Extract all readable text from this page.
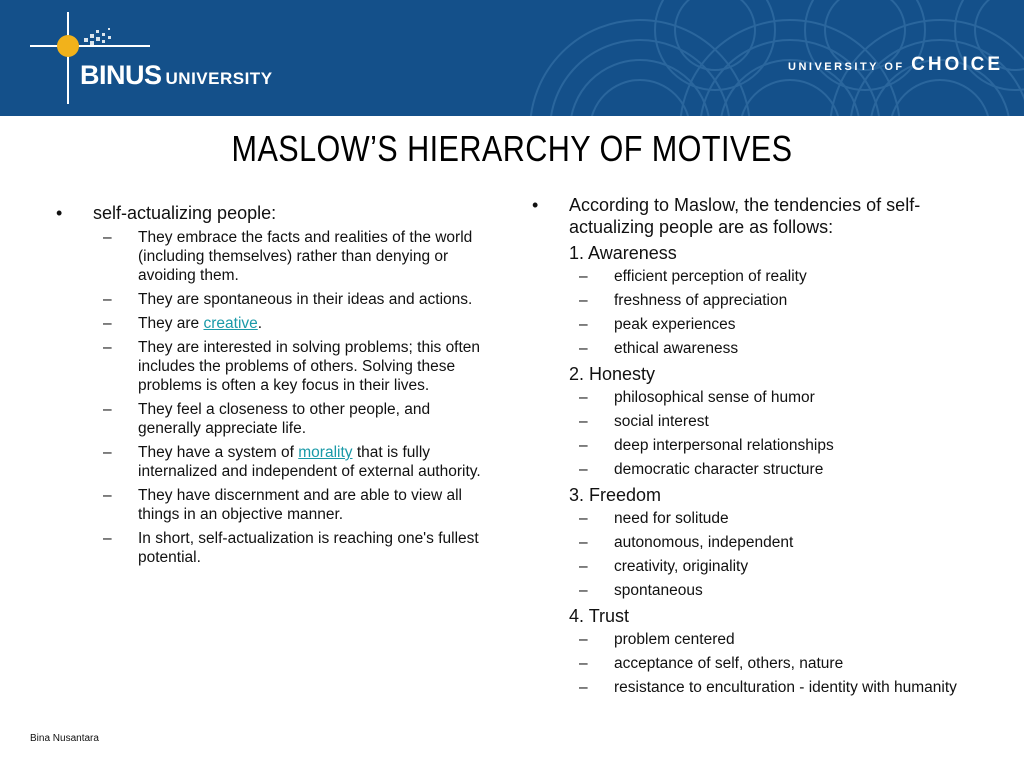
BINUS UNIVERSITY
UNIVERSITY OF CHOICE
MASLOW’S HIERARCHY OF MOTIVES
• self-actualizing people:
– They embrace the facts and realities of the world (including themselves) rather than denying or avoiding them.
– They are spontaneous in their ideas and actions.
– They are creative.
– They are interested in solving problems; this often includes the problems of others. Solving these problems is often a key focus in their lives.
– They feel a closeness to other people, and generally appreciate life.
– They have a system of morality that is fully internalized and independent of external authority.
– They have discernment and are able to view all things in an objective manner.
– In short, self-actualization is reaching one's fullest potential.
• According to Maslow, the tendencies of self-actualizing people are as follows:
1. Awareness
– efficient perception of reality
– freshness of appreciation
– peak experiences
– ethical awareness
2. Honesty
– philosophical sense of humor
– social interest
– deep interpersonal relationships
– democratic character structure
3. Freedom
– need for solitude
– autonomous, independent
– creativity, originality
– spontaneous
4. Trust
– problem centered
– acceptance of self, others, nature
– resistance to enculturation - identity with humanity
Bina Nusantara
